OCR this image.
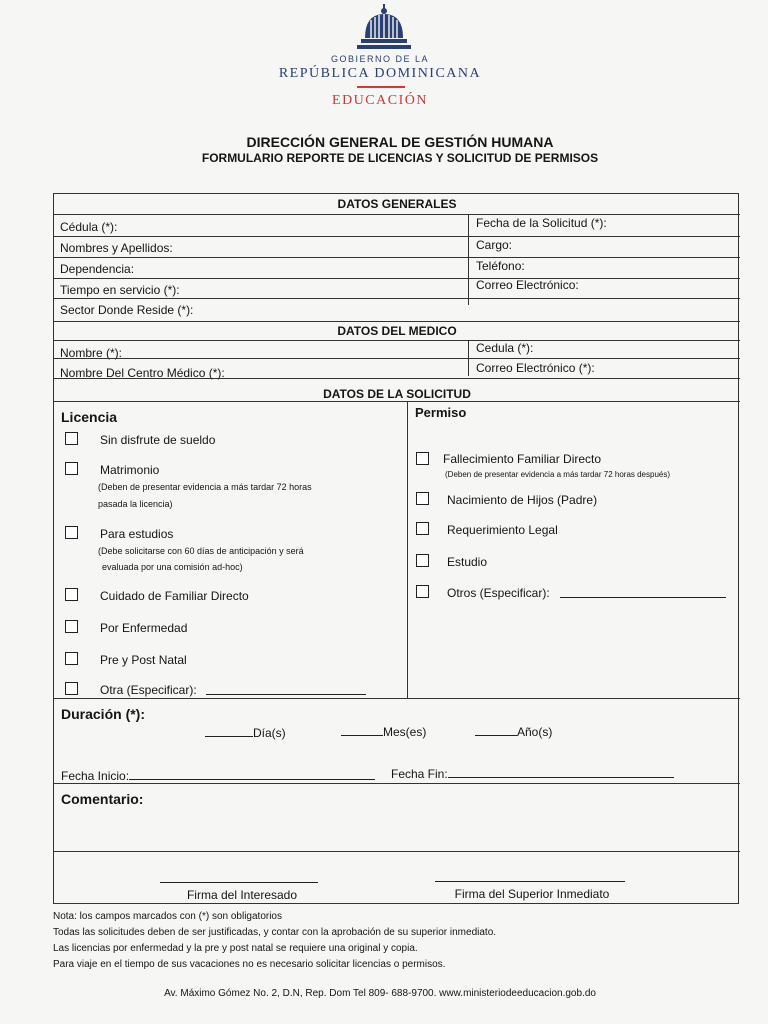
GOBIERNO DE LA
REPÚBLICA DOMINICANA
EDUCACIÓN
DIRECCIÓN GENERAL DE GESTIÓN HUMANA
FORMULARIO REPORTE DE LICENCIAS Y SOLICITUD DE PERMISOS
DATOS GENERALES
Cédula (*):	Fecha de la Solicitud (*):
Nombres y Apellidos:	Cargo:
Dependencia:	Teléfono:
Tiempo en servicio (*):	Correo Electrónico:
Sector Donde Reside (*):
DATOS DEL MEDICO
Nombre (*):	Cedula (*):
Nombre Del Centro Médico (*):	Correo Electrónico (*):
DATOS DE LA SOLICITUD
Licencia
Sin disfrute de sueldo
Matrimonio
(Deben de presentar evidencia a más tardar 72 horas
pasada la licencia)
Para estudios
(Debe solicitarse con 60 días de anticipación y será
evaluada por una comisión ad-hoc)
Cuidado de Familiar Directo
Por Enfermedad
Pre y Post Natal
Otra (Especificar):
Permiso
Fallecimiento Familiar Directo
(Deben de presentar evidencia a más tardar 72 horas después)
Nacimiento de Hijos (Padre)
Requerimiento Legal
Estudio
Otros (Especificar):
Duración (*):
Día(s)	Mes(es)	Año(s)
Fecha Inicio:	Fecha Fin:
Comentario:
Firma del Interesado	Firma del Superior Inmediato
Nota: los campos marcados con (*) son obligatorios
Todas las solicitudes deben de ser justificadas, y contar con la aprobación de su superior inmediato.
Las licencias por enfermedad y la pre y post natal se requiere una original y copia.
Para viaje en el tiempo de sus vacaciones no es necesario solicitar licencias o permisos.
Av. Máximo Gómez No. 2, D.N, Rep. Dom Tel 809- 688-9700. www.ministeriodeeducacion.gob.do
